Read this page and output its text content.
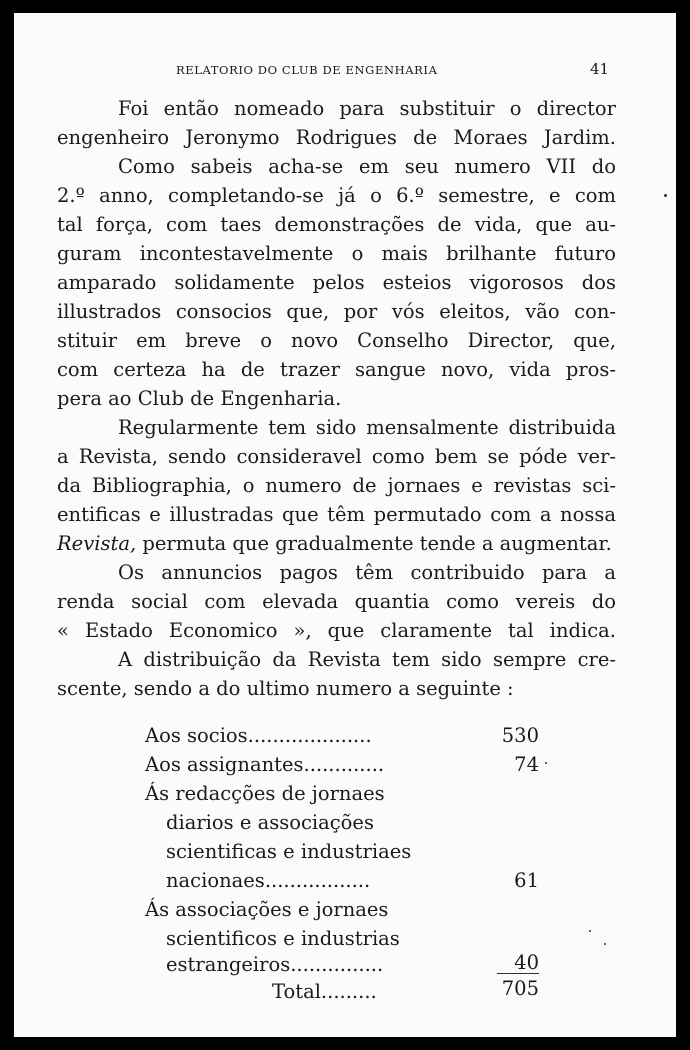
RELATORIO DO CLUB DE ENGENHARIA	41
Foi então nomeado para substituir o director
engenheiro Jeronymo Rodrigues de Moraes Jardim.
Como sabeis acha-se em seu numero VII do
2.º anno, completando-se já o 6.º semestre, e com
tal força, com taes demonstrações de vida, que au-
guram incontestavelmente o mais brilhante futuro
amparado solidamente pelos esteios vigorosos dos
illustrados consocios que, por vós eleitos, vão con-
stituir em breve o novo Conselho Director, que,
com certeza ha de trazer sangue novo, vida pros-
pera ao Club de Engenharia.
Regularmente tem sido mensalmente distribuida
a Revista, sendo consideravel como bem se póde ver-
da Bibliographia, o numero de jornaes e revistas sci-
entificas e illustradas que têm permutado com a nossa
Revista, permuta que gradualmente tende a augmentar.
Os annuncios pagos têm contribuido para a
renda social com elevada quantia como vereis do
« Estado Economico », que claramente tal indica.
A distribuição da Revista tem sido sempre cre-
scente, sendo a do ultimo numero a seguinte :
Aos socios....................	530
Aos assignantes.............	74
Ás redacções de jornaes
diarios e associações
scientificas e industriaes
nacionaes.................	61
Ás associações e jornaes
scientificos e industrias
estrangeiros...............	40
Total.........	705
